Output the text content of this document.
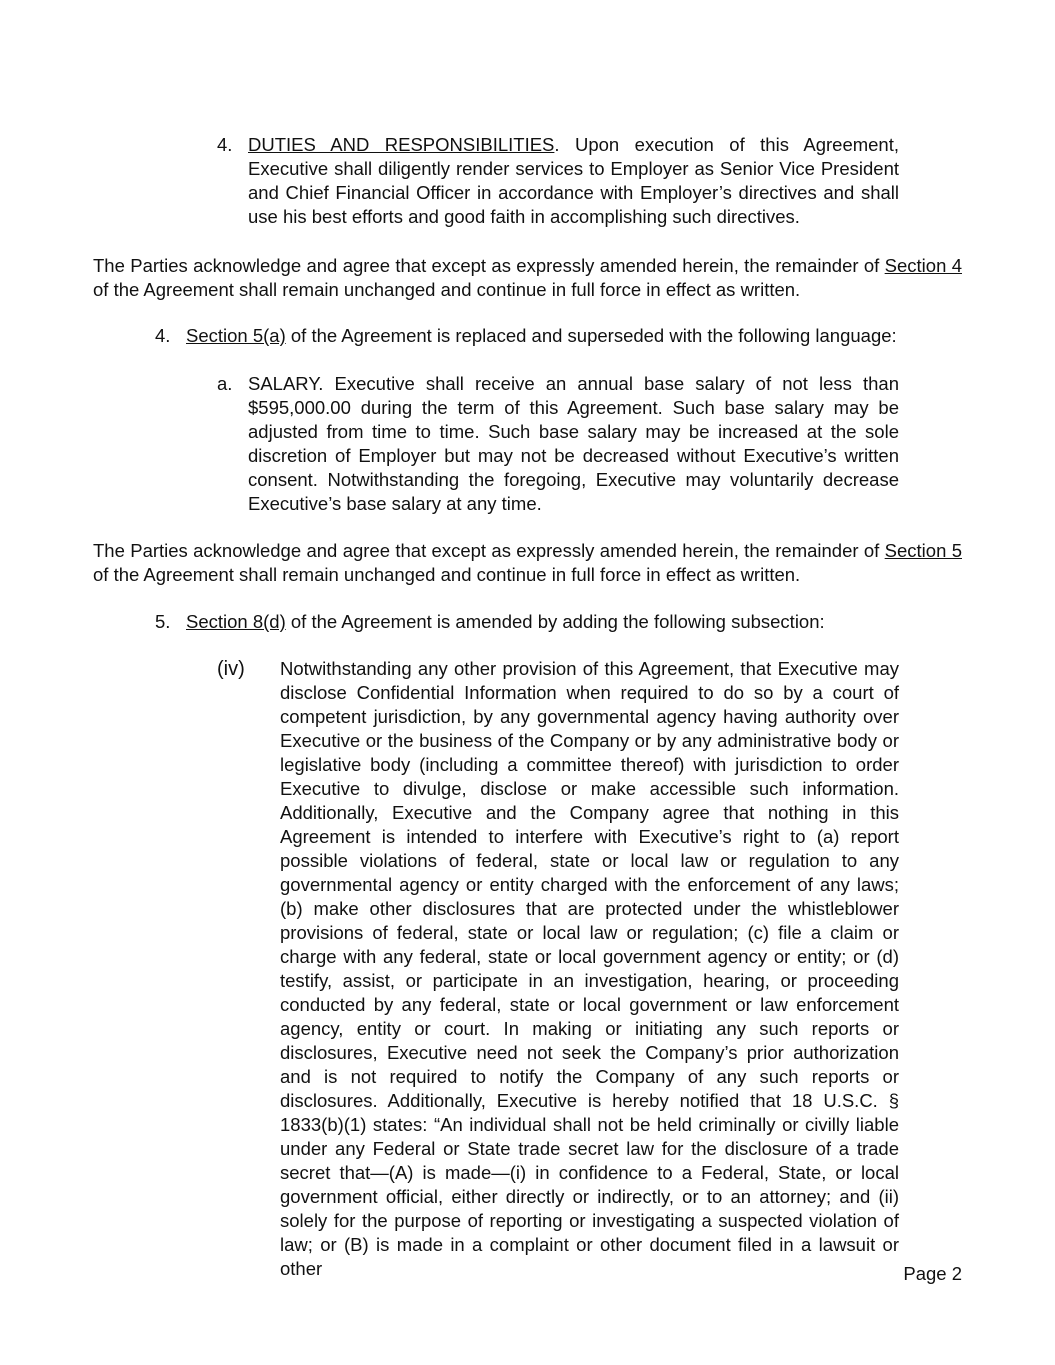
4. DUTIES AND RESPONSIBILITIES. Upon execution of this Agreement, Executive shall diligently render services to Employer as Senior Vice President and Chief Financial Officer in accordance with Employer’s directives and shall use his best efforts and good faith in accomplishing such directives.
The Parties acknowledge and agree that except as expressly amended herein, the remainder of Section 4 of the Agreement shall remain unchanged and continue in full force in effect as written.
4. Section 5(a) of the Agreement is replaced and superseded with the following language:
a. SALARY. Executive shall receive an annual base salary of not less than $595,000.00 during the term of this Agreement. Such base salary may be adjusted from time to time. Such base salary may be increased at the sole discretion of Employer but may not be decreased without Executive’s written consent. Notwithstanding the foregoing, Executive may voluntarily decrease Executive’s base salary at any time.
The Parties acknowledge and agree that except as expressly amended herein, the remainder of Section 5 of the Agreement shall remain unchanged and continue in full force in effect as written.
5. Section 8(d) of the Agreement is amended by adding the following subsection:
(iv)	Notwithstanding any other provision of this Agreement, that Executive may disclose Confidential Information when required to do so by a court of competent jurisdiction, by any governmental agency having authority over Executive or the business of the Company or by any administrative body or legislative body (including a committee thereof) with jurisdiction to order Executive to divulge, disclose or make accessible such information. Additionally, Executive and the Company agree that nothing in this Agreement is intended to interfere with Executive’s right to (a) report possible violations of federal, state or local law or regulation to any governmental agency or entity charged with the enforcement of any laws; (b) make other disclosures that are protected under the whistleblower provisions of federal, state or local law or regulation; (c) file a claim or charge with any federal, state or local government agency or entity; or (d) testify, assist, or participate in an investigation, hearing, or proceeding conducted by any federal, state or local government or law enforcement agency, entity or court. In making or initiating any such reports or disclosures, Executive need not seek the Company’s prior authorization and is not required to notify the Company of any such reports or disclosures. Additionally, Executive is hereby notified that 18 U.S.C. § 1833(b)(1) states: “An individual shall not be held criminally or civilly liable under any Federal or State trade secret law for the disclosure of a trade secret that—(A) is made—(i) in confidence to a Federal, State, or local government official, either directly or indirectly, or to an attorney; and (ii) solely for the purpose of reporting or investigating a suspected violation of law; or (B) is made in a complaint or other document filed in a lawsuit or other	Page 2
